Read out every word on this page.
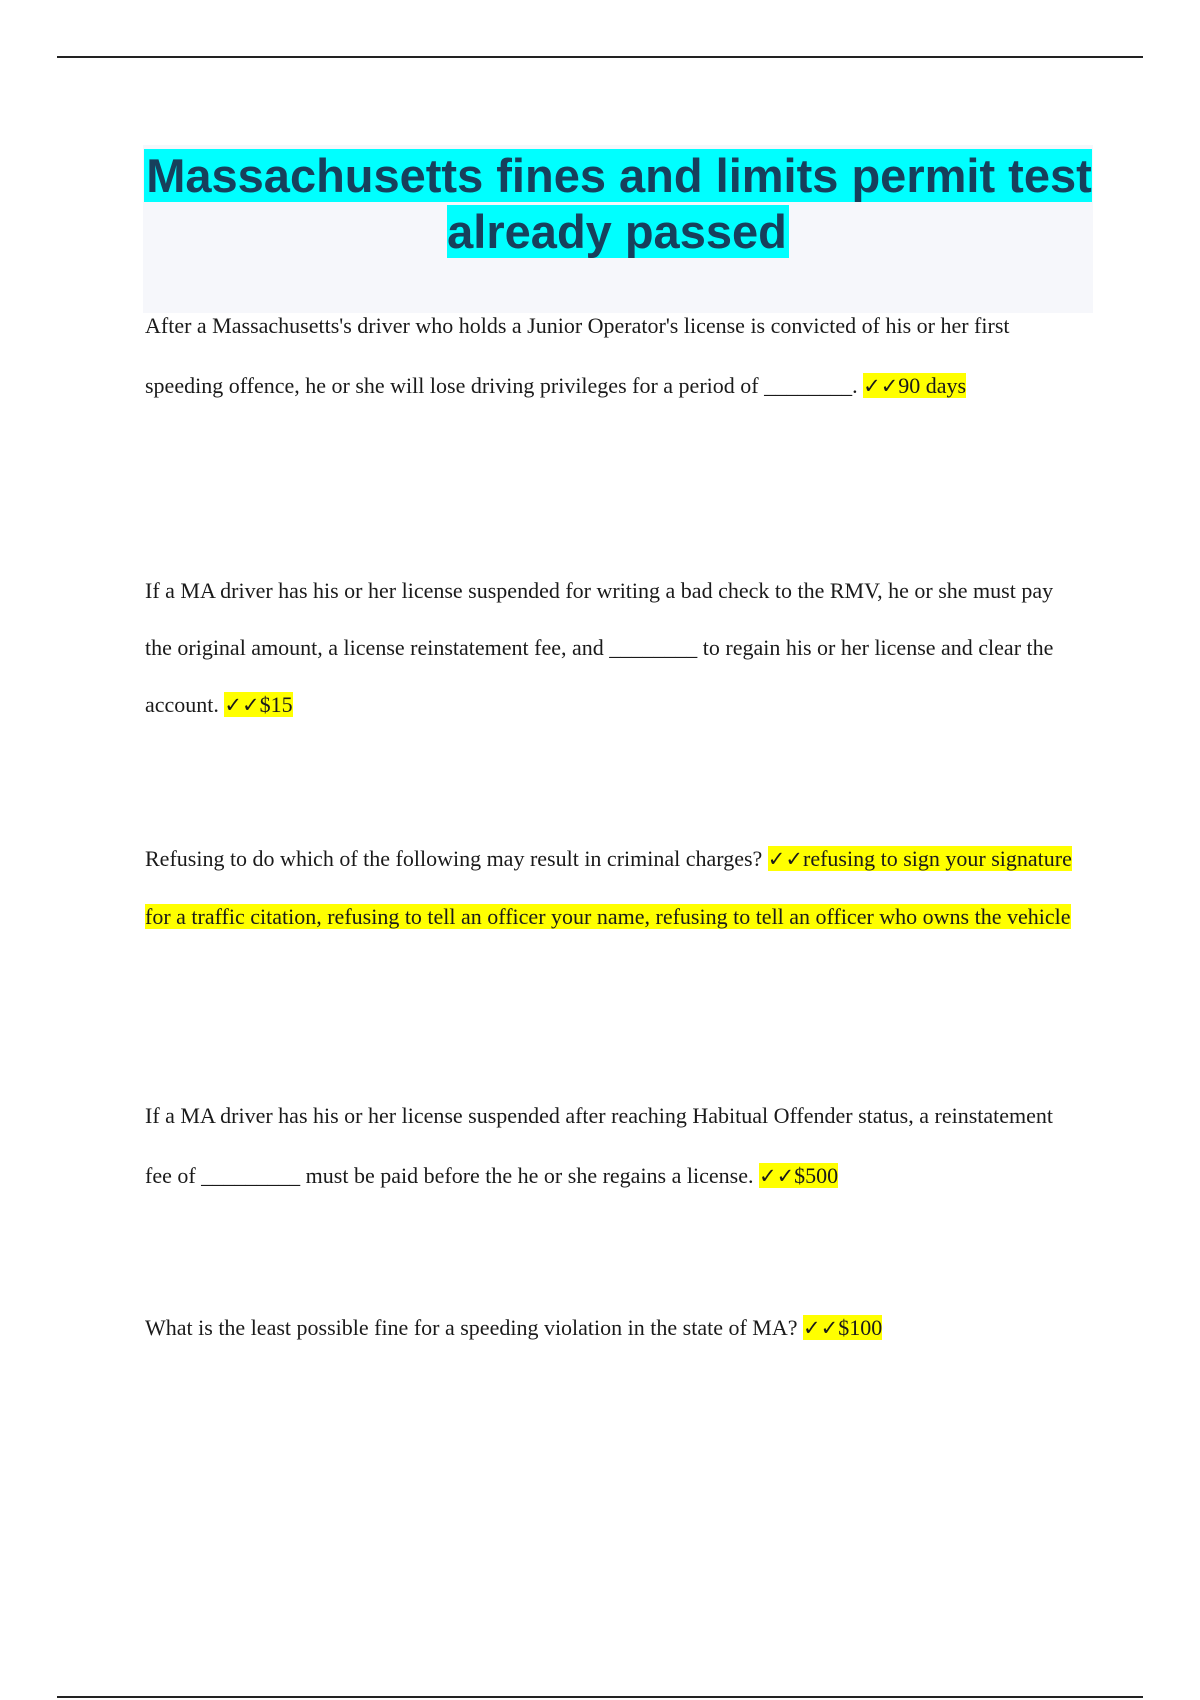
Massachusetts fines and limits permit test already passed

After a Massachusetts's driver who holds a Junior Operator's license is convicted of his or her first speeding offence, he or she will lose driving privileges for a period of ________. ✓✓90 days

If a MA driver has his or her license suspended for writing a bad check to the RMV, he or she must pay the original amount, a license reinstatement fee, and ________ to regain his or her license and clear the account. ✓✓$15

Refusing to do which of the following may result in criminal charges? ✓✓refusing to sign your signature for a traffic citation, refusing to tell an officer your name, refusing to tell an officer who owns the vehicle

If a MA driver has his or her license suspended after reaching Habitual Offender status, a reinstatement fee of _________ must be paid before the he or she regains a license. ✓✓$500

What is the least possible fine for a speeding violation in the state of MA? ✓✓$100
